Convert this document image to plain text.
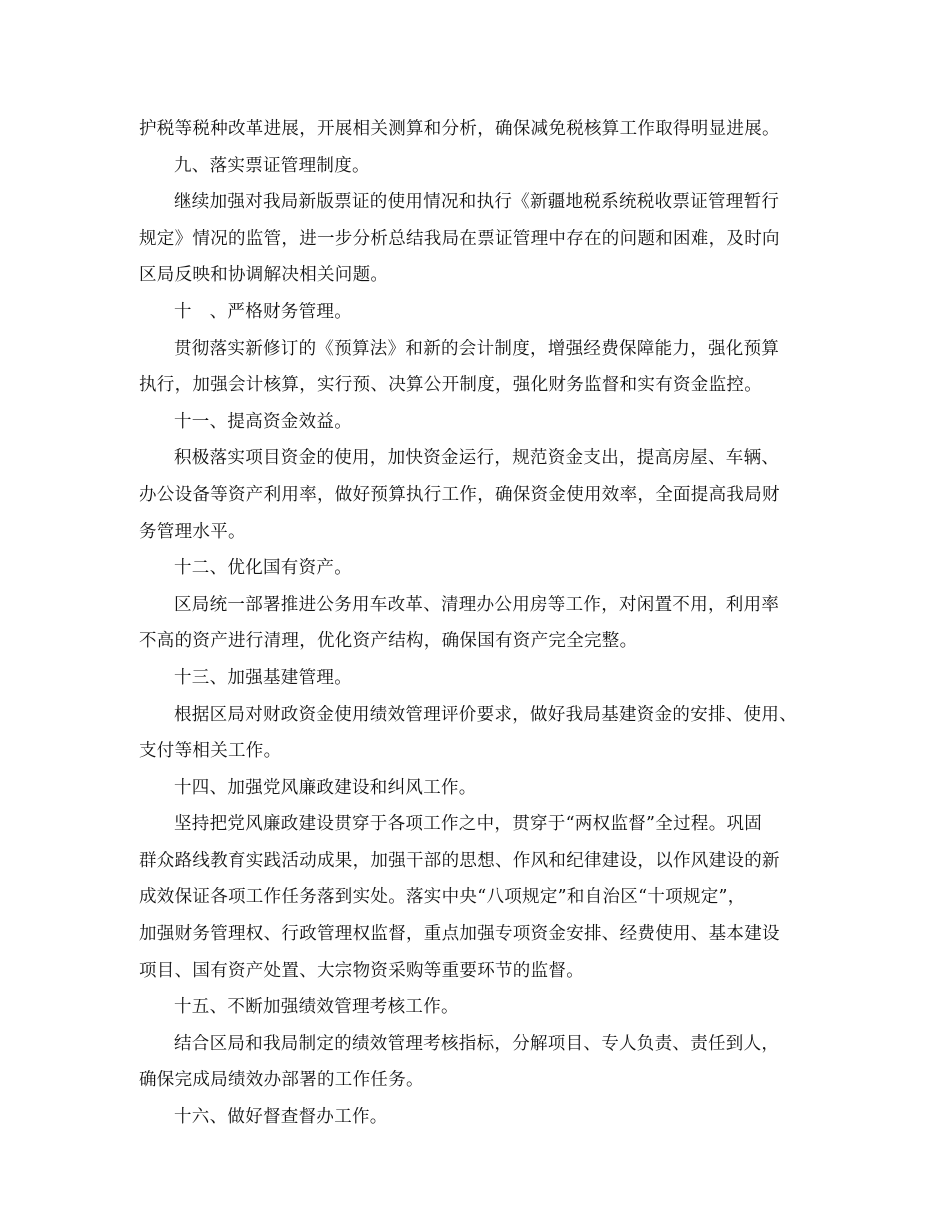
护税等税种改革进展，开展相关测算和分析，确保减免税核算工作取得明显进展。
九、落实票证管理制度。
继续加强对我局新版票证的使用情况和执行《新疆地税系统税收票证管理暂行
规定》情况的监管，进一步分析总结我局在票证管理中存在的问题和困难，及时向
区局反映和协调解决相关问题。
十　、严格财务管理。
贯彻落实新修订的《预算法》和新的会计制度，增强经费保障能力，强化预算
执行，加强会计核算，实行预、决算公开制度，强化财务监督和实有资金监控。
十一、提高资金效益。
积极落实项目资金的使用，加快资金运行，规范资金支出，提高房屋、车辆、
办公设备等资产利用率，做好预算执行工作，确保资金使用效率，全面提高我局财
务管理水平。
十二、优化国有资产。
区局统一部署推进公务用车改革、清理办公用房等工作，对闲置不用，利用率
不高的资产进行清理，优化资产结构，确保国有资产完全完整。
十三、加强基建管理。
根据区局对财政资金使用绩效管理评价要求，做好我局基建资金的安排、使用、
支付等相关工作。
十四、加强党风廉政建设和纠风工作。
坚持把党风廉政建设贯穿于各项工作之中，贯穿于“两权监督”全过程。巩固
群众路线教育实践活动成果，加强干部的思想、作风和纪律建设，以作风建设的新
成效保证各项工作任务落到实处。落实中央“八项规定”和自治区“十项规定”，
加强财务管理权、行政管理权监督，重点加强专项资金安排、经费使用、基本建设
项目、国有资产处置、大宗物资采购等重要环节的监督。
十五、不断加强绩效管理考核工作。
结合区局和我局制定的绩效管理考核指标，分解项目、专人负责、责任到人，
确保完成局绩效办部署的工作任务。
十六、做好督查督办工作。
